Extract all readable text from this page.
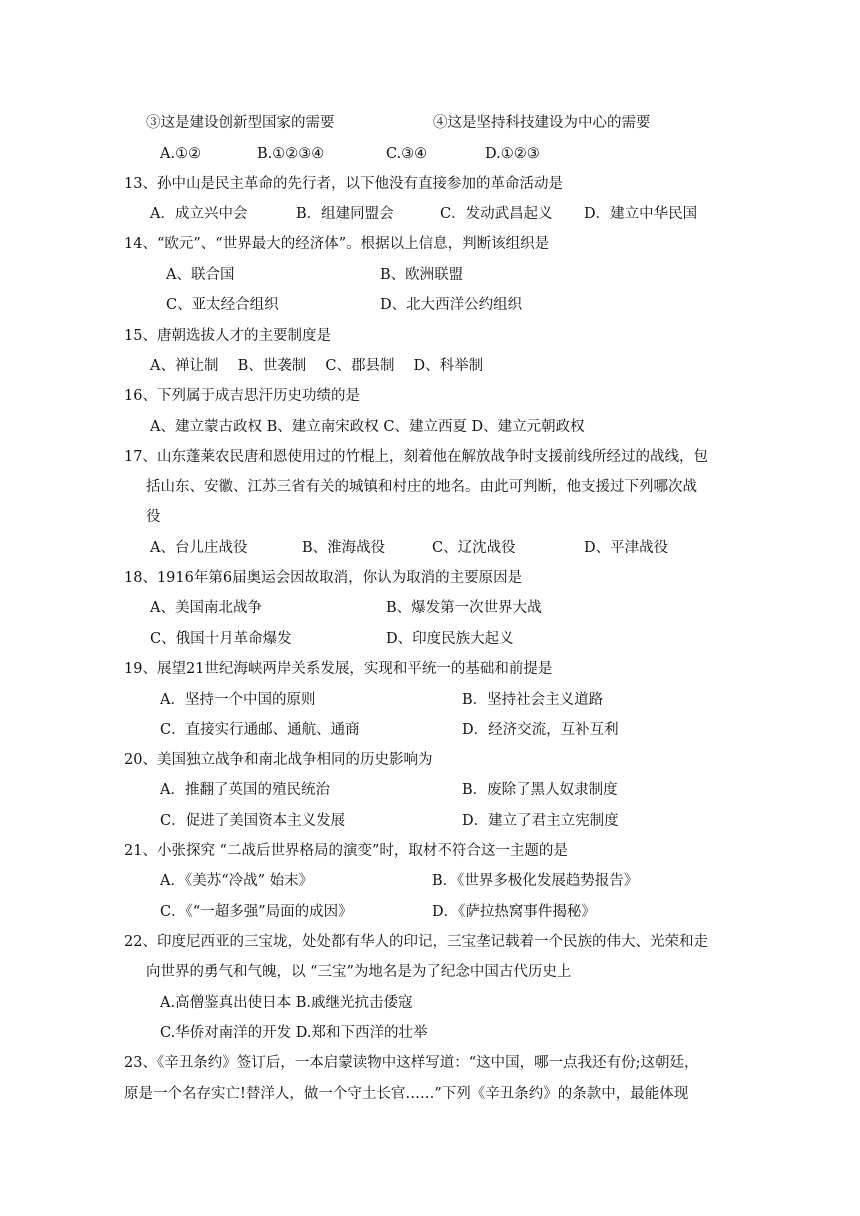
③这是建设创新型国家的需要	④这是坚持科技建设为中心的需要
A.①②	B.①②③④	C.③④	D.①②③
13、孙中山是民主革命的先行者，以下他没有直接参加的革命活动是
A．成立兴中会	B．组建同盟会	C．发动武昌起义 D．建立中华民国
14、“欧元”、“世界最大的经济体”。根据以上信息，判断该组织是
A、联合国	B、欧洲联盟
C、亚太经合组织	D、北大西洋公约组织
15、唐朝选拔人才的主要制度是
A、禅让制　 B、世袭制　 C、郡县制　 D、科举制
16、下列属于成吉思汗历史功绩的是
A、建立蒙古政权 B、建立南宋政权 C、建立西夏 D、建立元朝政权
17、山东蓬莱农民唐和恩使用过的竹棍上，刻着他在解放战争时支援前线所经过的战线，包
括山东、安徽、江苏三省有关的城镇和村庄的地名。由此可判断，他支援过下列哪次战
役
A、台儿庄战役	B、淮海战役	C、辽沈战役	D、平津战役
18、1916年第6届奥运会因故取消，你认为取消的主要原因是
A、美国南北战争	B、爆发第一次世界大战
C、俄国十月革命爆发	D、印度民族大起义
19、展望21世纪海峡两岸关系发展，实现和平统一的基础和前提是
A．坚持一个中国的原则	B．坚持社会主义道路
C．直接实行通邮、通航、通商	D．经济交流，互补互利
20、美国独立战争和南北战争相同的历史影响为
A．推翻了英国的殖民统治	B．废除了黑人奴隶制度
C．促进了美国资本主义发展	D．建立了君主立宪制度
21、小张探究 “二战后世界格局的演变”时，取材不符合这一主题的是
A．《美苏“冷战” 始末》	B．《世界多极化发展趋势报告》
C．《“一超多强”局面的成因》	D．《萨拉热窝事件揭秘》
22、印度尼西亚的三宝垅，处处都有华人的印记，三宝垄记载着一个民族的伟大、光荣和走
向世界的勇气和气魄，以 “三宝”为地名是为了纪念中国古代历史上
A.高僧鉴真出使日本 B.戚继光抗击倭寇
C.华侨对南洋的开发 D.郑和下西洋的壮举
23、《辛丑条约》签订后，一本启蒙读物中这样写道：“这中国，哪一点我还有份;这朝廷，
原是一个名存实亡!替洋人，做一个守土长官……”下列《辛丑条约》的条款中，最能体现
